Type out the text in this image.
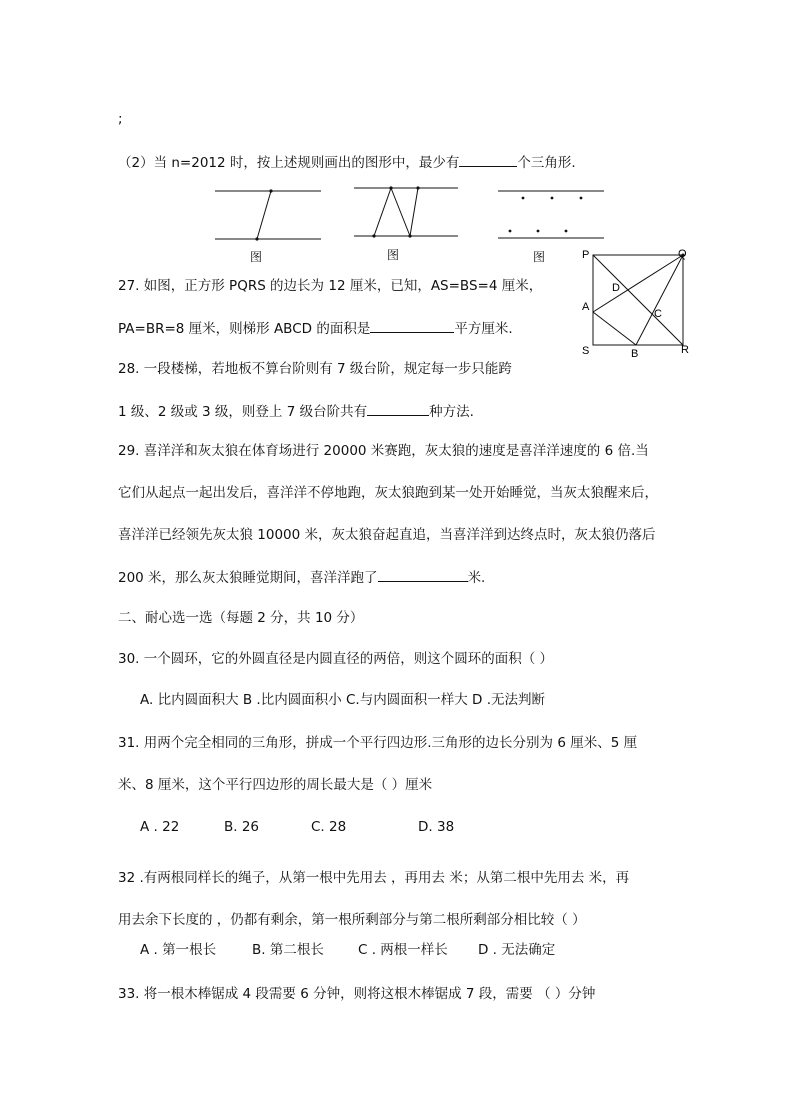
;
（2）当 n=2012 时，按上述规则画出的图形中，最少有	个三角形.
图	图	图	P	Q
A
D
C
S	B	R
27. 如图，正方形 PQRS 的边长为 12 厘米，已知，AS=BS=4 厘米，
PA=BR=8 厘米，则梯形 ABCD 的面积是	平方厘米.
28. 一段楼梯，若地板不算台阶则有 7 级台阶，规定每一步只能跨
1 级、2 级或 3 级，则登上 7 级台阶共有	种方法.
29. 喜洋洋和灰太狼在体育场进行 20000 米赛跑，灰太狼的速度是喜洋洋速度的 6 倍.当
它们从起点一起出发后，喜洋洋不停地跑，灰太狼跑到某一处开始睡觉，当灰太狼醒来后，
喜洋洋已经领先灰太狼 10000 米，灰太狼奋起直追，当喜洋洋到达终点时，灰太狼仍落后
200 米，那么灰太狼睡觉期间，喜洋洋跑了	米.
二、耐心选一选（每题 2 分，共 10 分）
30. 一个圆环，它的外圆直径是内圆直径的两倍，则这个圆环的面积（ ）
A. 比内圆面积大 B .比内圆面积小 C.与内圆面积一样大 D .无法判断
31. 用两个完全相同的三角形，拼成一个平行四边形.三角形的边长分别为 6 厘米、5 厘
米、8 厘米，这个平行四边形的周长最大是（ ）厘米
A . 22	B. 26	C. 28	D. 38
32 .有两根同样长的绳子，从第一根中先用去 ，再用去 米；从第二根中先用去 米，再
用去余下长度的 ，仍都有剩余，第一根所剩部分与第二根所剩部分相比较（ ）
A . 第一根长	B. 第二根长	C . 两根一样长 D . 无法确定
33. 将一根木棒锯成 4 段需要 6 分钟，则将这根木棒锯成 7 段，需要 （ ）分钟
